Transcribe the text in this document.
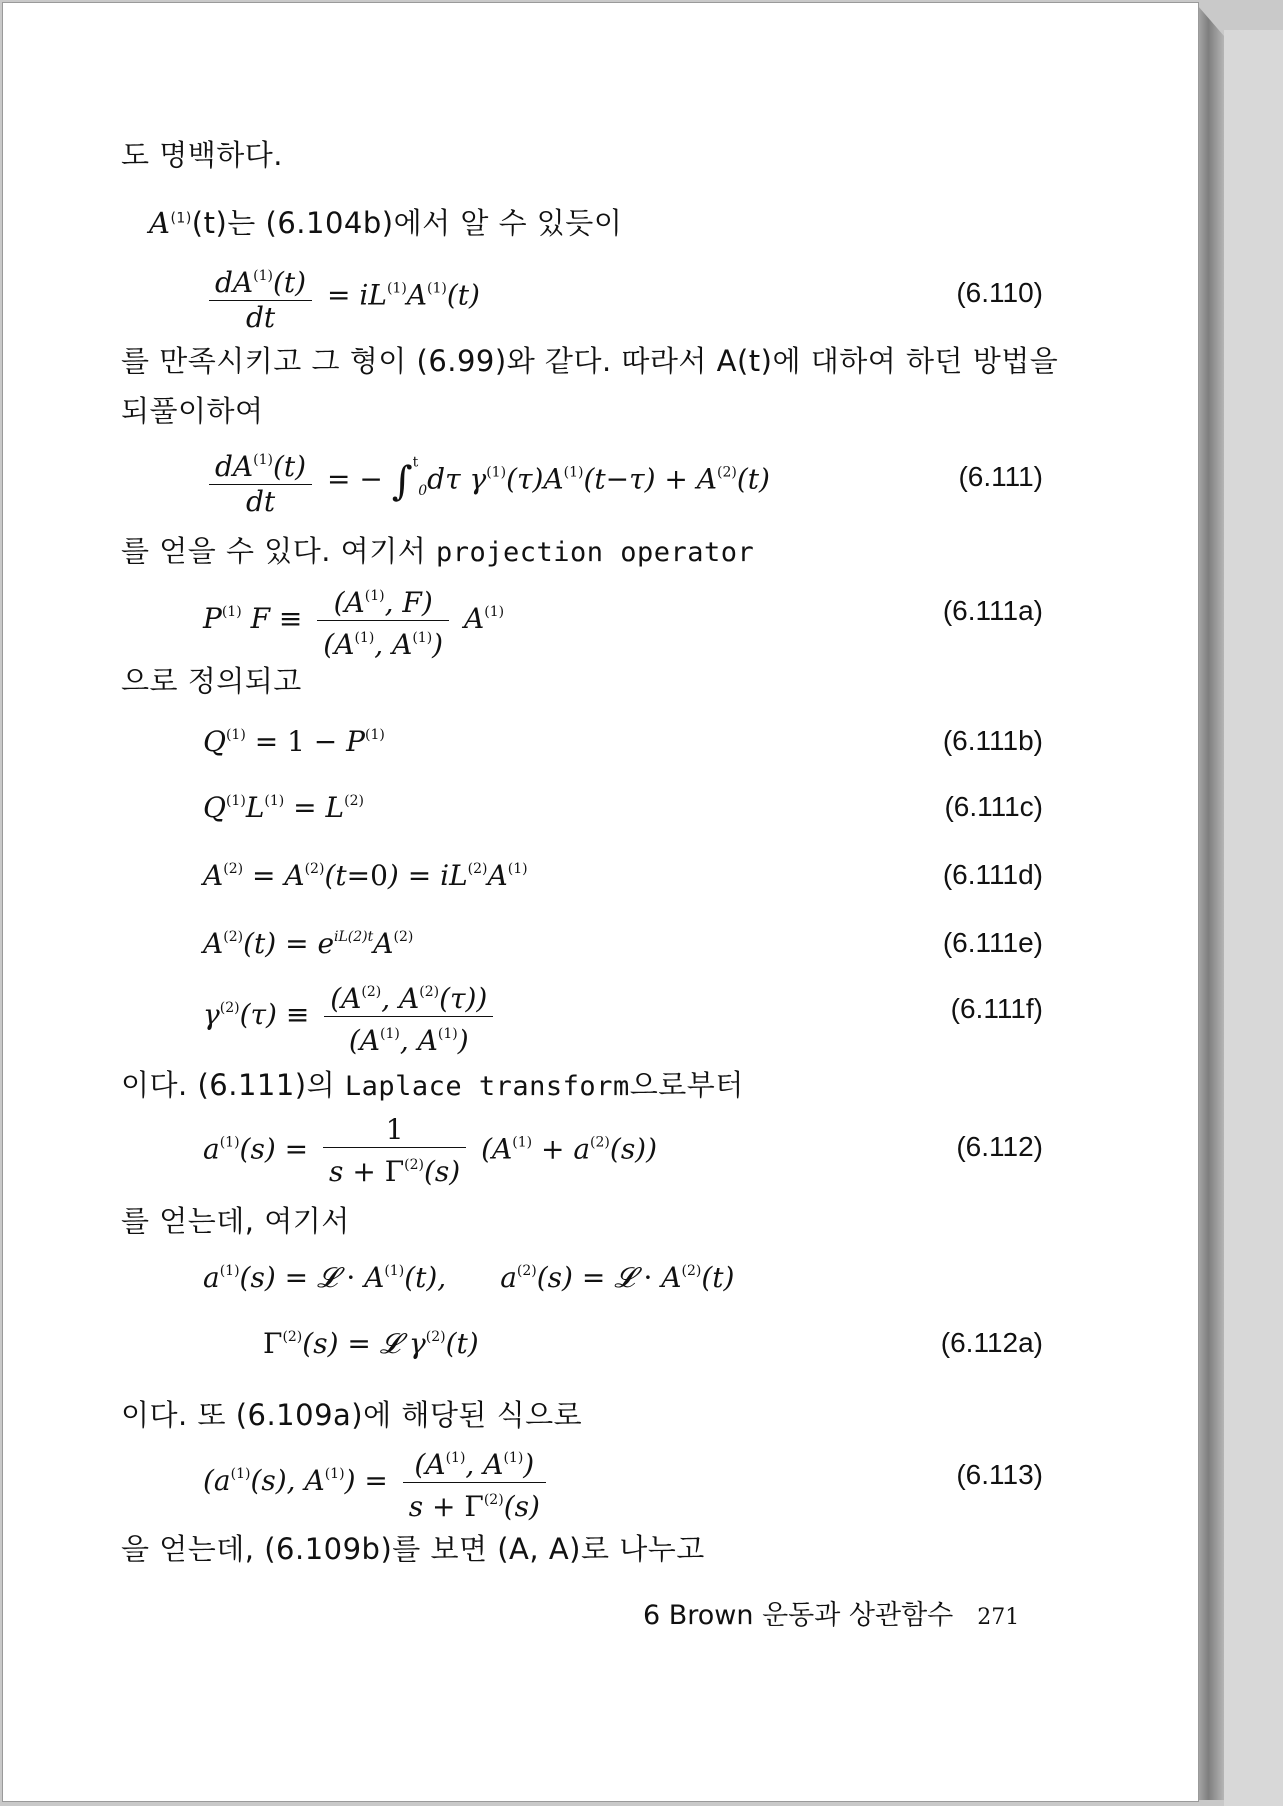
도 명백하다.
$A^{(1)}(t)$는 (6.104b)에서 알 수 있듯이
$\frac{dA^{(1)}(t)}{dt} = iL^{(1)}A^{(1)}(t)$	(6.110)
를 만족시키고 그 형이 (6.99)와 같다. 따라서 A(t)에 대하여 하던 방법을
되풀이하여
$\frac{dA^{(1)}(t)}{dt}$ = − ∫$^t_0$dτ $\gamma^{(1)}(\tau)A^{(1)}(t-\tau) + A^{(2)}(t)$	(6.111)
를 얻을 수 있다. 여기서 projection operator
$P^{(1)}$ $F \equiv \frac{(A^{(1)}, F)}{(A^{(1)}, A^{(1)})} A^{(1)}$	(6.111a)
으로 정의되고
$Q^{(1)} = 1 - P^{(1)}$	(6.111b)
$Q^{(1)}L^{(1)} = L^{(2)}$	(6.111c)
$A^{(2)} = A^{(2)}(t=0) = iL^{(2)}A^{(1)}$	(6.111d)
$A^{(2)}(t) = e^{iL(2)t}A^{(2)}$	(6.111e)
$\gamma^{(2)}(\tau) \equiv \frac{(A^{(2)}, A^{(2)}(\tau))}{(A^{(1)}, A^{(1)})}$	(6.111f)
이다. (6.111)의 Laplace transform으로부터
$a^{(1)}(s) = \frac{1}{s + \Gamma^{(2)}(s)} (A^{(1)} + a^{(2)}(s))$	(6.112)
를 얻는데, 여기서
$a^{(1)}(s)$ = 𝓛 · $A^{(1)}(t)$, $a^{(2)}(s)$ = 𝓛 · $A^{(2)}(t)$
$\Gamma^{(2)}(s)$ = 𝓛 $\gamma^{(2)}(t)$	(6.112a)
이다. 또 (6.109a)에 해당된 식으로
($a^{(1)}(s)$, $A^{(1)}) = \frac{(A^{(1)}, A^{(1)})}{s + \Gamma^{(2)}(s)}$	(6.113)
을 얻는데, (6.109b)를 보면 (A, A)로 나누고
6 Brown 운동과 상관함수 271
